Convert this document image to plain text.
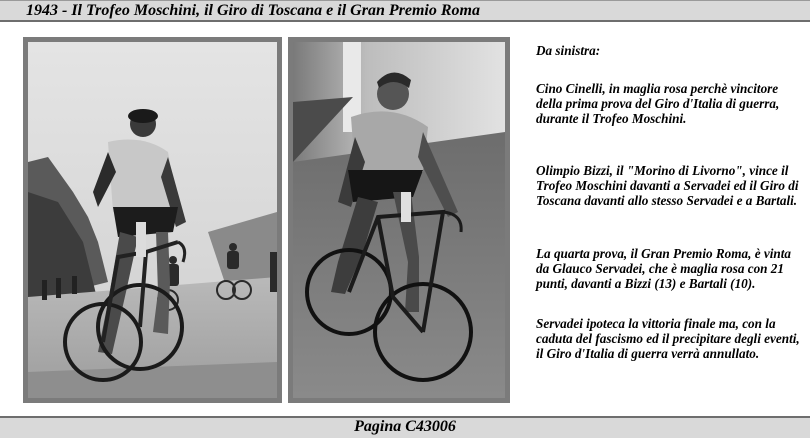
1943 - Il Trofeo Moschini, il Giro di Toscana e il Gran Premio Roma

Da sinistra:

Cino Cinelli, in maglia rosa perchè vincitore della prima prova del Giro d'Italia di guerra, durante il Trofeo Moschini.

Olimpio Bizzi, il "Morino di Livorno", vince il Trofeo Moschini davanti a Servadei ed il Giro di Toscana davanti allo stesso Servadei e a Bartali.

La quarta prova, il Gran Premio Roma, è vinta da Glauco Servadei, che è maglia rosa con 21 punti, davanti a Bizzi (13) e Bartali (10).

Servadei ipoteca la vittoria finale ma, con la caduta del fascismo ed il precipitare degli eventi, il Giro d'Italia di guerra verrà annullato.

Pagina C43006
